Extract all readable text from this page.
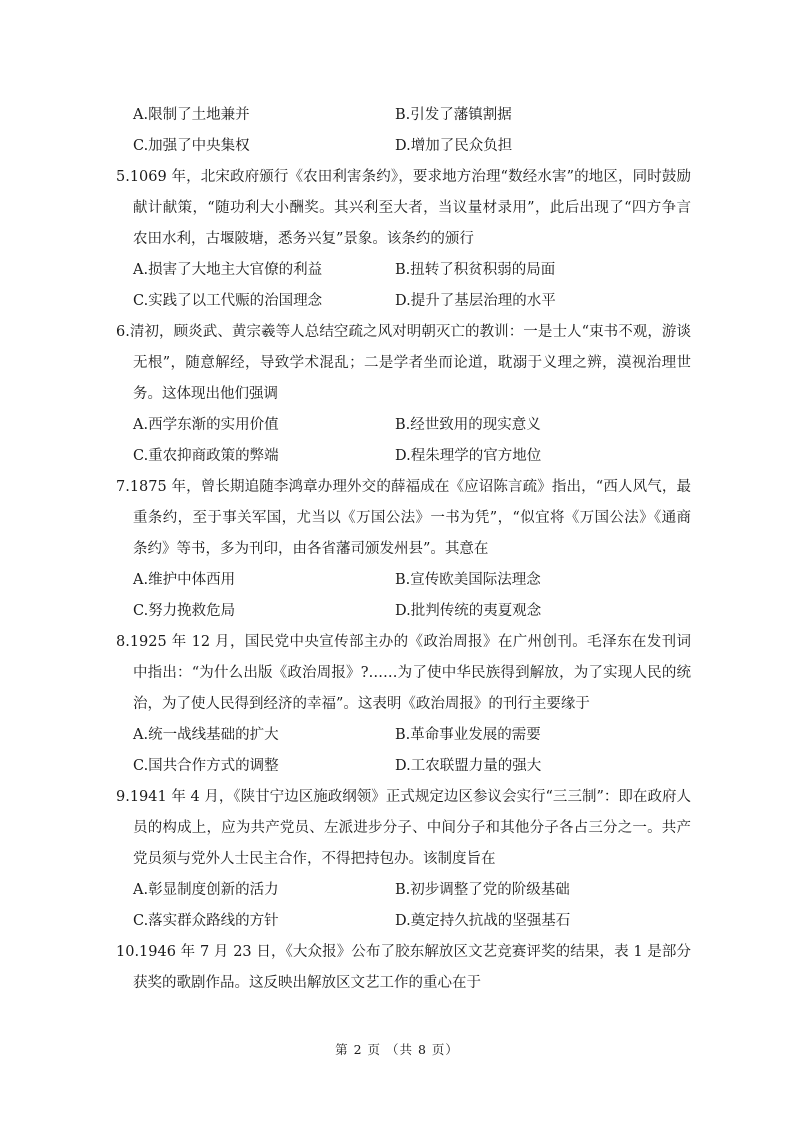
A.限制了土地兼并	B.引发了藩镇割据
C.加强了中央集权	D.增加了民众负担

5.1069 年，北宋政府颁行《农田利害条约》，要求地方治理“数经水害”的地区，同时鼓励献计献策，“随功利大小酬奖。其兴利至大者，当议量材录用”，此后出现了“四方争言农田水利，古堰陂塘，悉务兴复”景象。该条约的颁行

A.损害了大地主大官僚的利益	B.扭转了积贫积弱的局面
C.实践了以工代赈的治国理念	D.提升了基层治理的水平

6.清初，顾炎武、黄宗羲等人总结空疏之风对明朝灭亡的教训：一是士人“束书不观，游谈无根”，随意解经，导致学术混乱；二是学者坐而论道，耽溺于义理之辨，漠视治理世务。这体现出他们强调

A.西学东渐的实用价值	B.经世致用的现实意义
C.重农抑商政策的弊端	D.程朱理学的官方地位

7.1875 年，曾长期追随李鸿章办理外交的薛福成在《应诏陈言疏》指出，“西人风气，最重条约，至于事关军国，尤当以《万国公法》一书为凭”，“似宜将《万国公法》《通商条约》等书，多为刊印，由各省藩司颁发州县”。其意在

A.维护中体西用	B.宣传欧美国际法理念
C.努力挽救危局	D.批判传统的夷夏观念

8.1925 年 12 月，国民党中央宣传部主办的《政治周报》在广州创刊。毛泽东在发刊词中指出：“为什么出版《政治周报》?……为了使中华民族得到解放，为了实现人民的统治，为了使人民得到经济的幸福”。这表明《政治周报》的刊行主要缘于

A.统一战线基础的扩大	B.革命事业发展的需要
C.国共合作方式的调整	D.工农联盟力量的强大

9.1941 年 4 月，《陕甘宁边区施政纲领》正式规定边区参议会实行“三三制”：即在政府人员的构成上，应为共产党员、左派进步分子、中间分子和其他分子各占三分之一。共产党员须与党外人士民主合作，不得把持包办。该制度旨在

A.彰显制度创新的活力	B.初步调整了党的阶级基础
C.落实群众路线的方针	D.奠定持久抗战的坚强基石

10.1946 年 7 月 23 日，《大众报》公布了胶东解放区文艺竞赛评奖的结果，表 1 是部分获奖的歌剧作品。这反映出解放区文艺工作的重心在于

第 2 页 （共 8 页）
